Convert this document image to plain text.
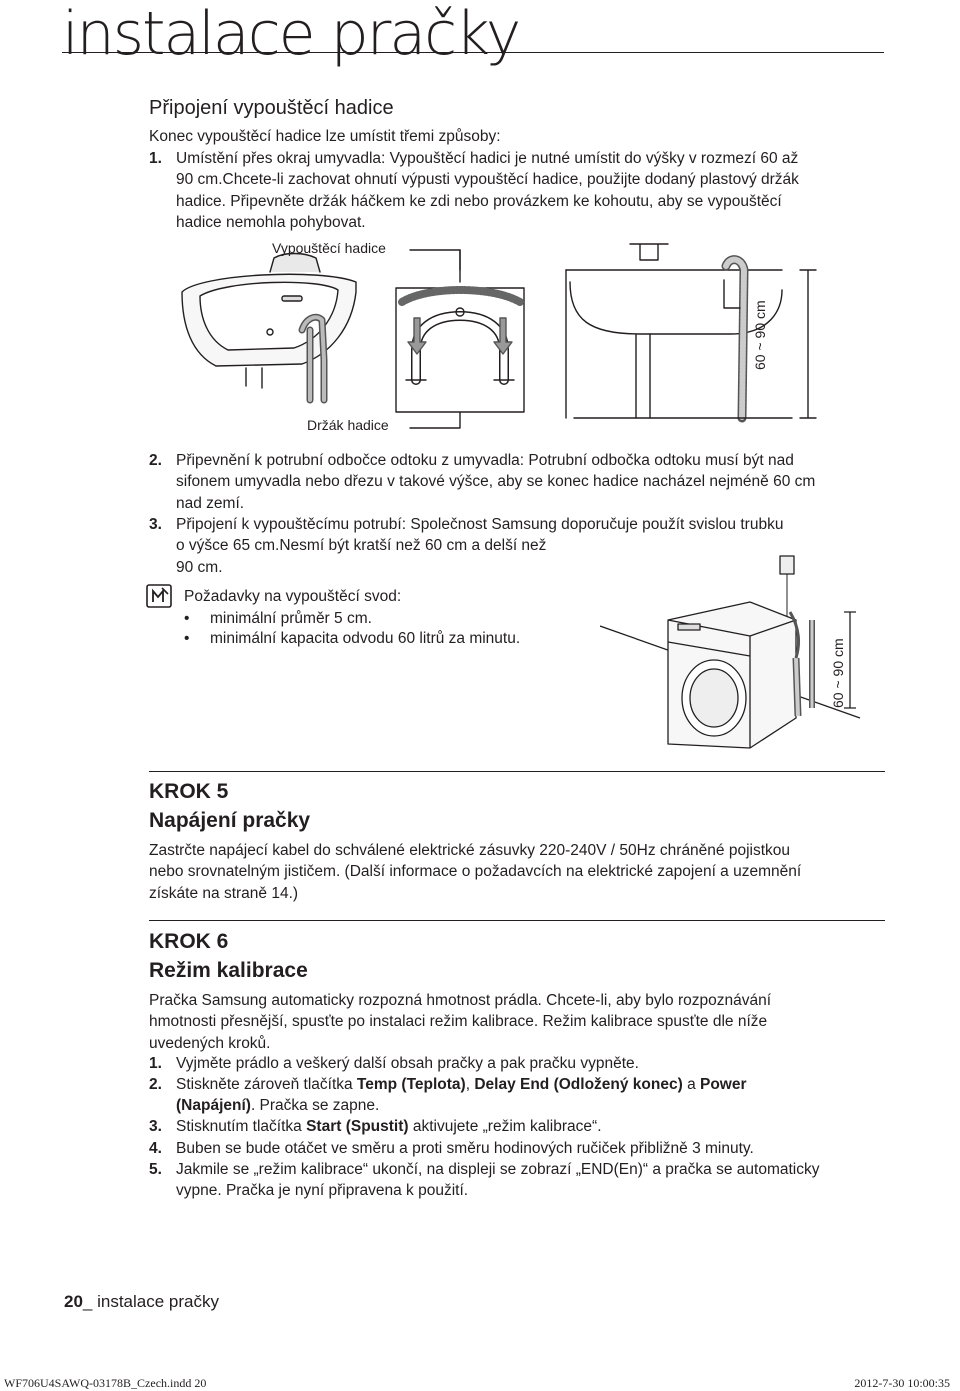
instalace pračky
Připojení vypouštěcí hadice

Konec vypouštěcí hadice lze umístit třemi způsoby:

1. Umístění přes okraj umyvadla: Vypouštěcí hadici je nutné umístit do výšky v rozmezí 60 až
90 cm.Chcete-li zachovat ohnutí výpusti vypouštěcí hadice, použijte dodaný plastový držák
hadice. Připevněte držák háčkem ke zdi nebo provázkem ke kohoutu, aby se vypouštěcí
hadice nemohla pohybovat.
Vypouštěcí hadice
Držák hadice
60 ~ 90 cm
2. Připevnění k potrubní odbočce odtoku z umyvadla: Potrubní odbočka odtoku musí být nad
sifonem umyvadla nebo dřezu v takové výšce, aby se konec hadice nacházel nejméně 60 cm
nad zemí.
3. Připojení k vypouštěcímu potrubí: Společnost Samsung doporučuje použít svislou trubku
o výšce 65 cm.Nesmí být kratší než 60 cm a delší než
90 cm.

Požadavky na vypouštěcí svod:

• minimální průměr 5 cm.
• minimální kapacita odvodu 60 litrů za minutu.	60 ~ 90 cm
KROK 5
Napájení pračky
Zastrčte napájecí kabel do schválené elektrické zásuvky 220-240V / 50Hz chráněné pojistkou
nebo srovnatelným jističem. (Další informace o požadavcích na elektrické zapojení a uzemnění
získáte na straně 14.)
KROK 6
Režim kalibrace
Pračka Samsung automaticky rozpozná hmotnost prádla. Chcete-li, aby bylo rozpoznávání
hmotnosti přesnější, spusťte po instalaci režim kalibrace. Režim kalibrace spusťte dle níže
uvedených kroků.
1. Vyjměte prádlo a veškerý další obsah pračky a pak pračku vypněte.
2. Stiskněte zároveň tlačítka Temp (Teplota), Delay End (Odložený konec) a Power
(Napájení). Pračka se zapne.
3. Stisknutím tlačítka Start (Spustit) aktivujete „režim kalibrace“.
4. Buben se bude otáčet ve směru a proti směru hodinových ručiček přibližně 3 minuty.
5. Jakmile se „režim kalibrace“ ukončí, na displeji se zobrazí „END(En)“ a pračka se automaticky
vypne. Pračka je nyní připravena k použití.
20_ instalace pračky
WF706U4SAWQ-03178B_Czech.indd 20	2012-7-30 10:00:35
